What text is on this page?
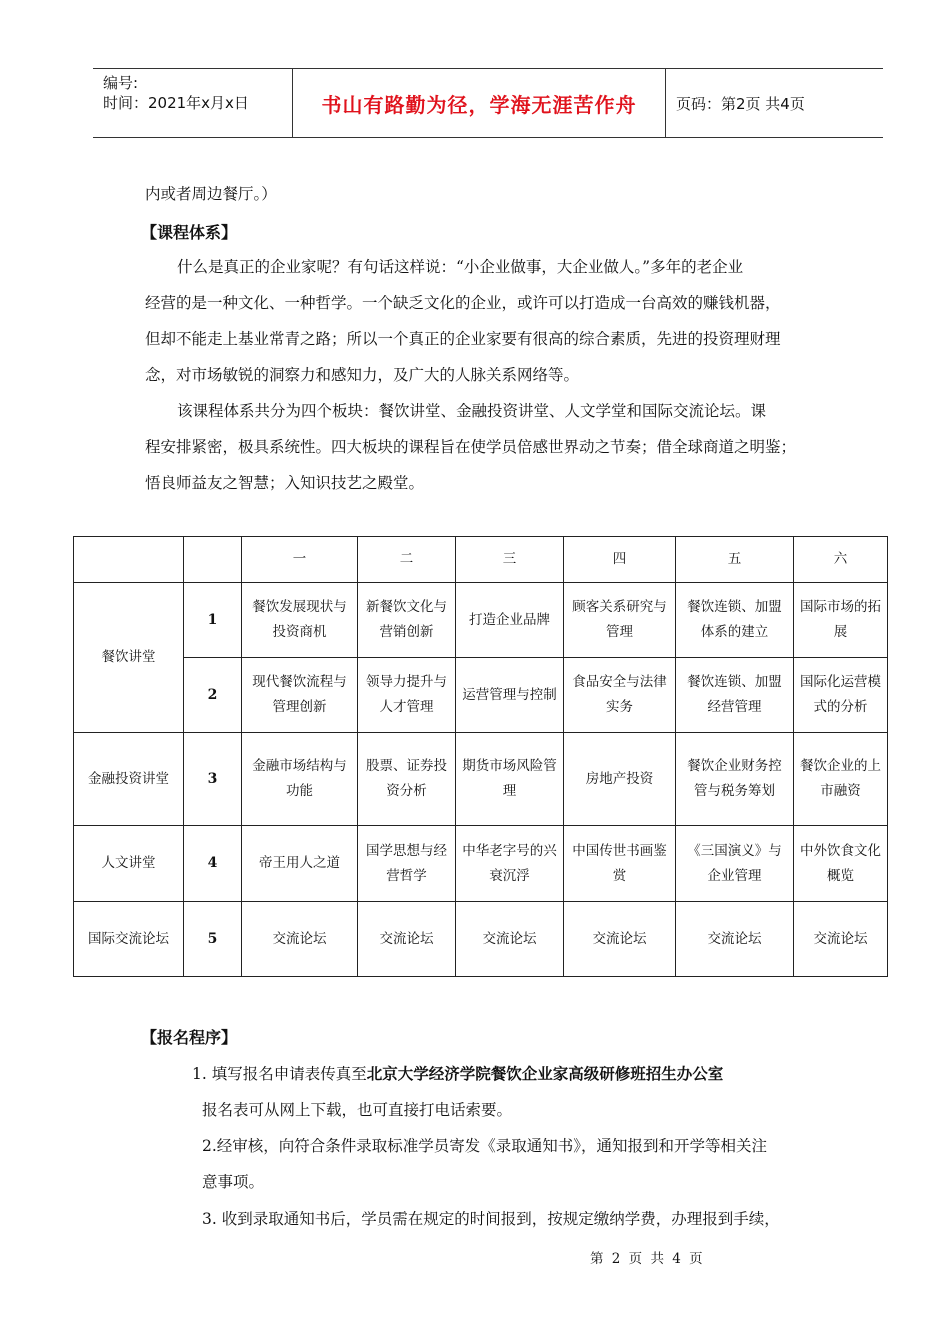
编号:
时间：2021年x月x日	书山有路勤为径，学海无涯苦作舟	页码：第2页 共4页
内或者周边餐厅。）
【课程体系】
什么是真正的企业家呢？有句话这样说：“小企业做事，大企业做人。”多年的老企业
经营的是一种文化、一种哲学。一个缺乏文化的企业，或许可以打造成一台高效的赚钱机器，
但却不能走上基业常青之路；所以一个真正的企业家要有很高的综合素质，先进的投资理财理
念，对市场敏锐的洞察力和感知力，及广大的人脉关系网络等。
该课程体系共分为四个板块：餐饮讲堂、金融投资讲堂、人文学堂和国际交流论坛。课
程安排紧密，极具系统性。四大板块的课程旨在使学员倍感世界动之节奏；借全球商道之明鉴；
悟良师益友之智慧；入知识技艺之殿堂。
		一	二	三	四	五	六
餐饮讲堂	1	餐饮发展现状与投资商机	新餐饮文化与营销创新	打造企业品牌	顾客关系研究与管理	餐饮连锁、加盟体系的建立	国际市场的拓展
	2	现代餐饮流程与管理创新	领导力提升与人才管理	运营管理与控制	食品安全与法律实务	餐饮连锁、加盟经营管理	国际化运营模式的分析
金融投资讲堂	3	金融市场结构与功能	股票、证券投资分析	期货市场风险管理	房地产投资	餐饮企业财务控管与税务筹划	餐饮企业的上市融资
人文讲堂	4	帝王用人之道	国学思想与经营哲学	中华老字号的兴衰沉浮	中国传世书画鉴赏	《三国演义》与企业管理	中外饮食文化概览
国际交流论坛	5	交流论坛	交流论坛	交流论坛	交流论坛	交流论坛	交流论坛
【报名程序】
1. 填写报名申请表传真至北京大学经济学院餐饮企业家高级研修班招生办公室
报名表可从网上下载，也可直接打电话索要。
2.经审核，向符合条件录取标准学员寄发《录取通知书》，通知报到和开学等相关注
意事项。
3. 收到录取通知书后，学员需在规定的时间报到，按规定缴纳学费，办理报到手续，
第 2 页 共 4 页
